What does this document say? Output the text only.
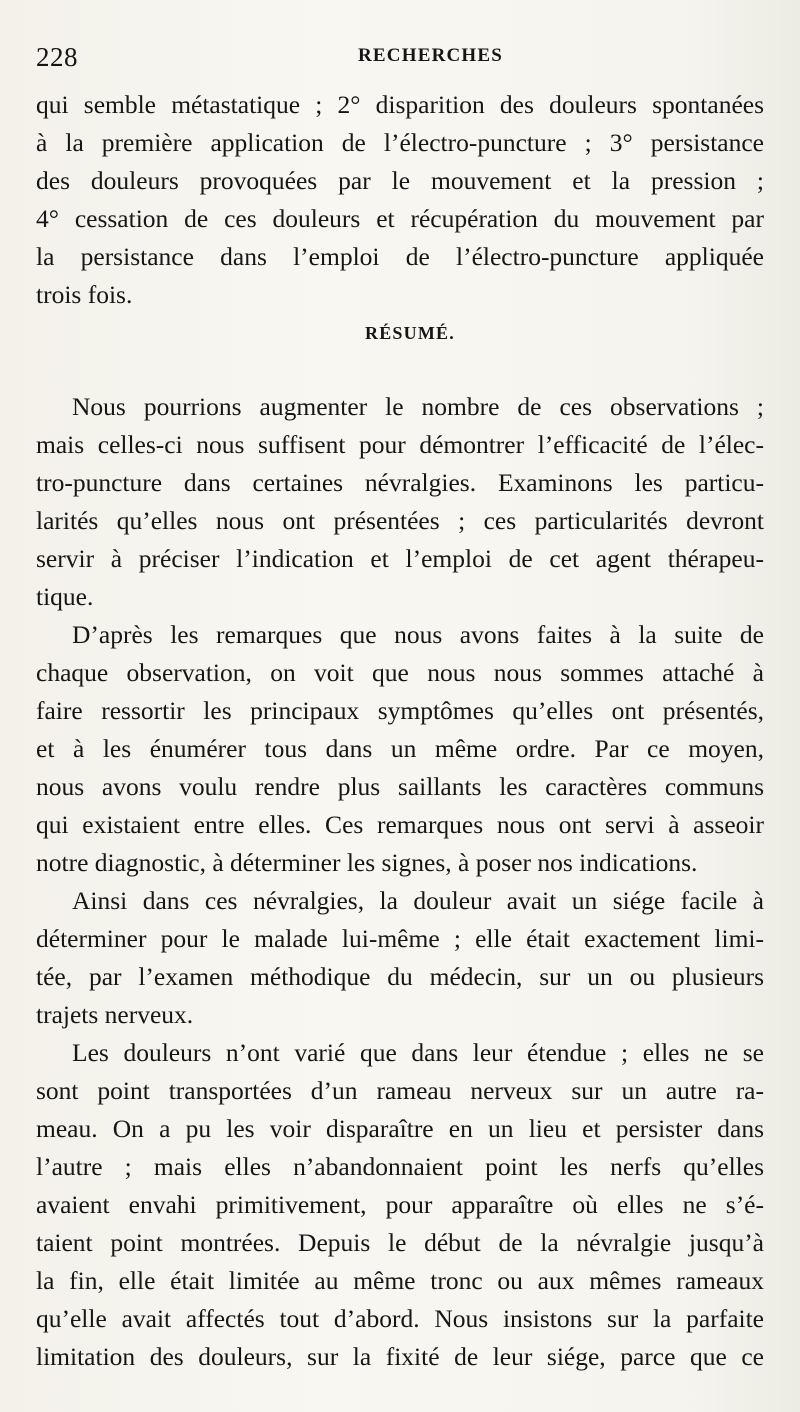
228	RECHERCHES
qui semble métastatique ; 2° disparition des douleurs spontanées
à la première application de l’électro-puncture ; 3° persistance
des douleurs provoquées par le mouvement et la pression ;
4° cessation de ces douleurs et récupération du mouvement par
la persistance dans l’emploi de l’électro-puncture appliquée
trois fois.
RÉSUMÉ.
Nous pourrions augmenter le nombre de ces observations ;
mais celles-ci nous suffisent pour démontrer l’efficacité de l’élec-
tro-puncture dans certaines névralgies. Examinons les particu-
larités qu’elles nous ont présentées ; ces particularités devront
servir à préciser l’indication et l’emploi de cet agent thérapeu-
tique.
D’après les remarques que nous avons faites à la suite de
chaque observation, on voit que nous nous sommes attaché à
faire ressortir les principaux symptômes qu’elles ont présentés,
et à les énumérer tous dans un même ordre. Par ce moyen,
nous avons voulu rendre plus saillants les caractères communs
qui existaient entre elles. Ces remarques nous ont servi à asseoir
notre diagnostic, à déterminer les signes, à poser nos indications.
Ainsi dans ces névralgies, la douleur avait un siége facile à
déterminer pour le malade lui-même ; elle était exactement limi-
tée, par l’examen méthodique du médecin, sur un ou plusieurs
trajets nerveux.
Les douleurs n’ont varié que dans leur étendue ; elles ne se
sont point transportées d’un rameau nerveux sur un autre ra-
meau. On a pu les voir disparaître en un lieu et persister dans
l’autre ; mais elles n’abandonnaient point les nerfs qu’elles
avaient envahi primitivement, pour apparaître où elles ne s’é-
taient point montrées. Depuis le début de la névralgie jusqu’à
la fin, elle était limitée au même tronc ou aux mêmes rameaux
qu’elle avait affectés tout d’abord. Nous insistons sur la parfaite
limitation des douleurs, sur la fixité de leur siége, parce que ce
